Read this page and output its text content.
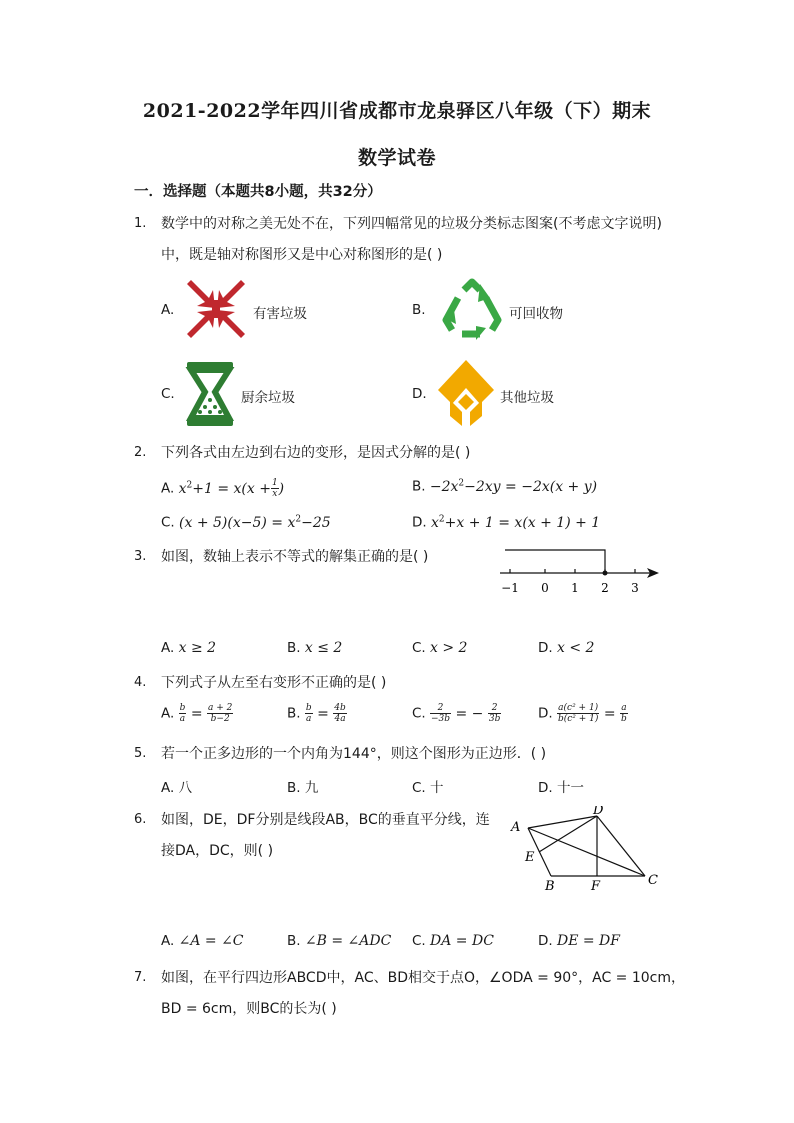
2021-2022学年四川省成都市龙泉驿区八年级（下）期末
数学试卷
一．选择题（本题共8小题，共32分）
1. 数学中的对称之美无处不在，下列四幅常见的垃圾分类标志图案(不考虑文字说明)
中，既是轴对称图形又是中心对称图形的是( )
A.	有害垃圾	B.	可回收物
C.	厨余垃圾	D.	其他垃圾
2. 下列各式由左边到右边的变形，是因式分解的是( )
A. $x^2+1 = x(x + \frac{1}{x}$ )	B. $-2x^2-2xy = -2x(x + y)$
C. $(x + 5)(x-5) = x^2-25$	D. $x^2+x + 1 = x(x + 1) + 1$
3. 如图，数轴上表示不等式的解集正确的是( )
−1 0 1 2 3
A. x ≥ 2	B. x ≤ 2	C. x > 2	D. x < 2
4. 下列式子从左至右变形不正确的是( )
A. $\frac{b}{a} = \frac{a + 2}{b-2}$	B. $\frac{b}{a} = \frac{4b}{4a}$	C. $\frac{2}{-3b}$ = − $\frac{2}{3b}$	D. $\frac{\text{a(c² + 1)}}{\text{b(c² + 1)}} = \frac{a}{b}$
5. 若一个正多边形的一个内角为144°，则这个图形为正边形．( )
A. 八	B. 九	C. 十	D. 十一
6. 如图，DE，DF分别是线段AB，BC的垂直平分线，连
接DA，DC，则( )
A
D
E
B	F	C
A. ∠A = ∠C	B. ∠B = ∠ADC C. DA = DC	D. DE = DF
7. 如图，在平行四边形ABCD中，AC、BD相交于点O，∠ODA = 90°，AC = 10cm，
BD = 6cm，则BC的长为( )
